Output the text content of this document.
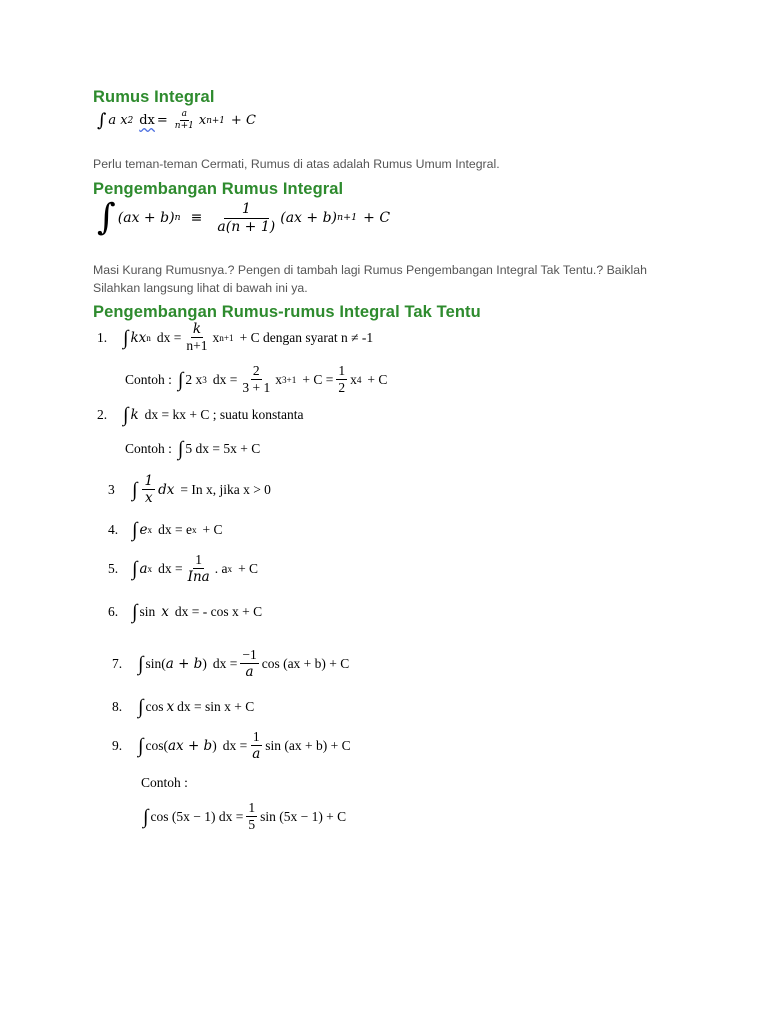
Rumus Integral
∫ a x 2 dx = $\frac{a}{n+1}$ x n+1 + C

Perlu teman-teman Cermati, Rumus di atas adalah Rumus Umum Integral.

Pengembangan Rumus Integral
∫ (ax + b) $n \equiv \frac{1}{a(n + 1)} (ax + b) n+1 + C$

Masi Kurang Rumusnya.? Pengen di tambah lagi Rumus Pengembangan Integral Tak Tentu.? Baiklah Silahkan langsung lihat di bawah ini ya.

Pengembangan Rumus-rumus Integral Tak Tentu
1. ∫ kx n dx = $\frac{k}{n+1}$ x n+1 + C dengan syarat n ≠ -1
Contoh : ∫ 2 x 3 dx = $\frac{2}{3 + 1}$ x $3+1 + C = \frac{1}{2}$ x 4 + C
2. ∫ k dx = kx + C ; suatu konstanta
Contoh : ∫ 5 dx = 5x + C
3 ∫ $\frac{1}{x}$ dx = In x, jika x > 0
4. ∫ e x dx = e x + C
5. ∫ a x dx = $\frac{1}{\text{Ina}}$ . a x + C
6. ∫ sin x dx = - cos x + C
7. ∫ sin( a + b ) dx = $\frac{-1}{a}$ cos (ax + b) + C
8. ∫ cos x dx = sin x + C
9. ∫ cos( ax + b ) dx = $\frac{1}{a}$ sin (ax + b) + C
Contoh :
∫ cos (5x − 1) dx = $\frac{1}{5}$ sin (5x − 1) + C
